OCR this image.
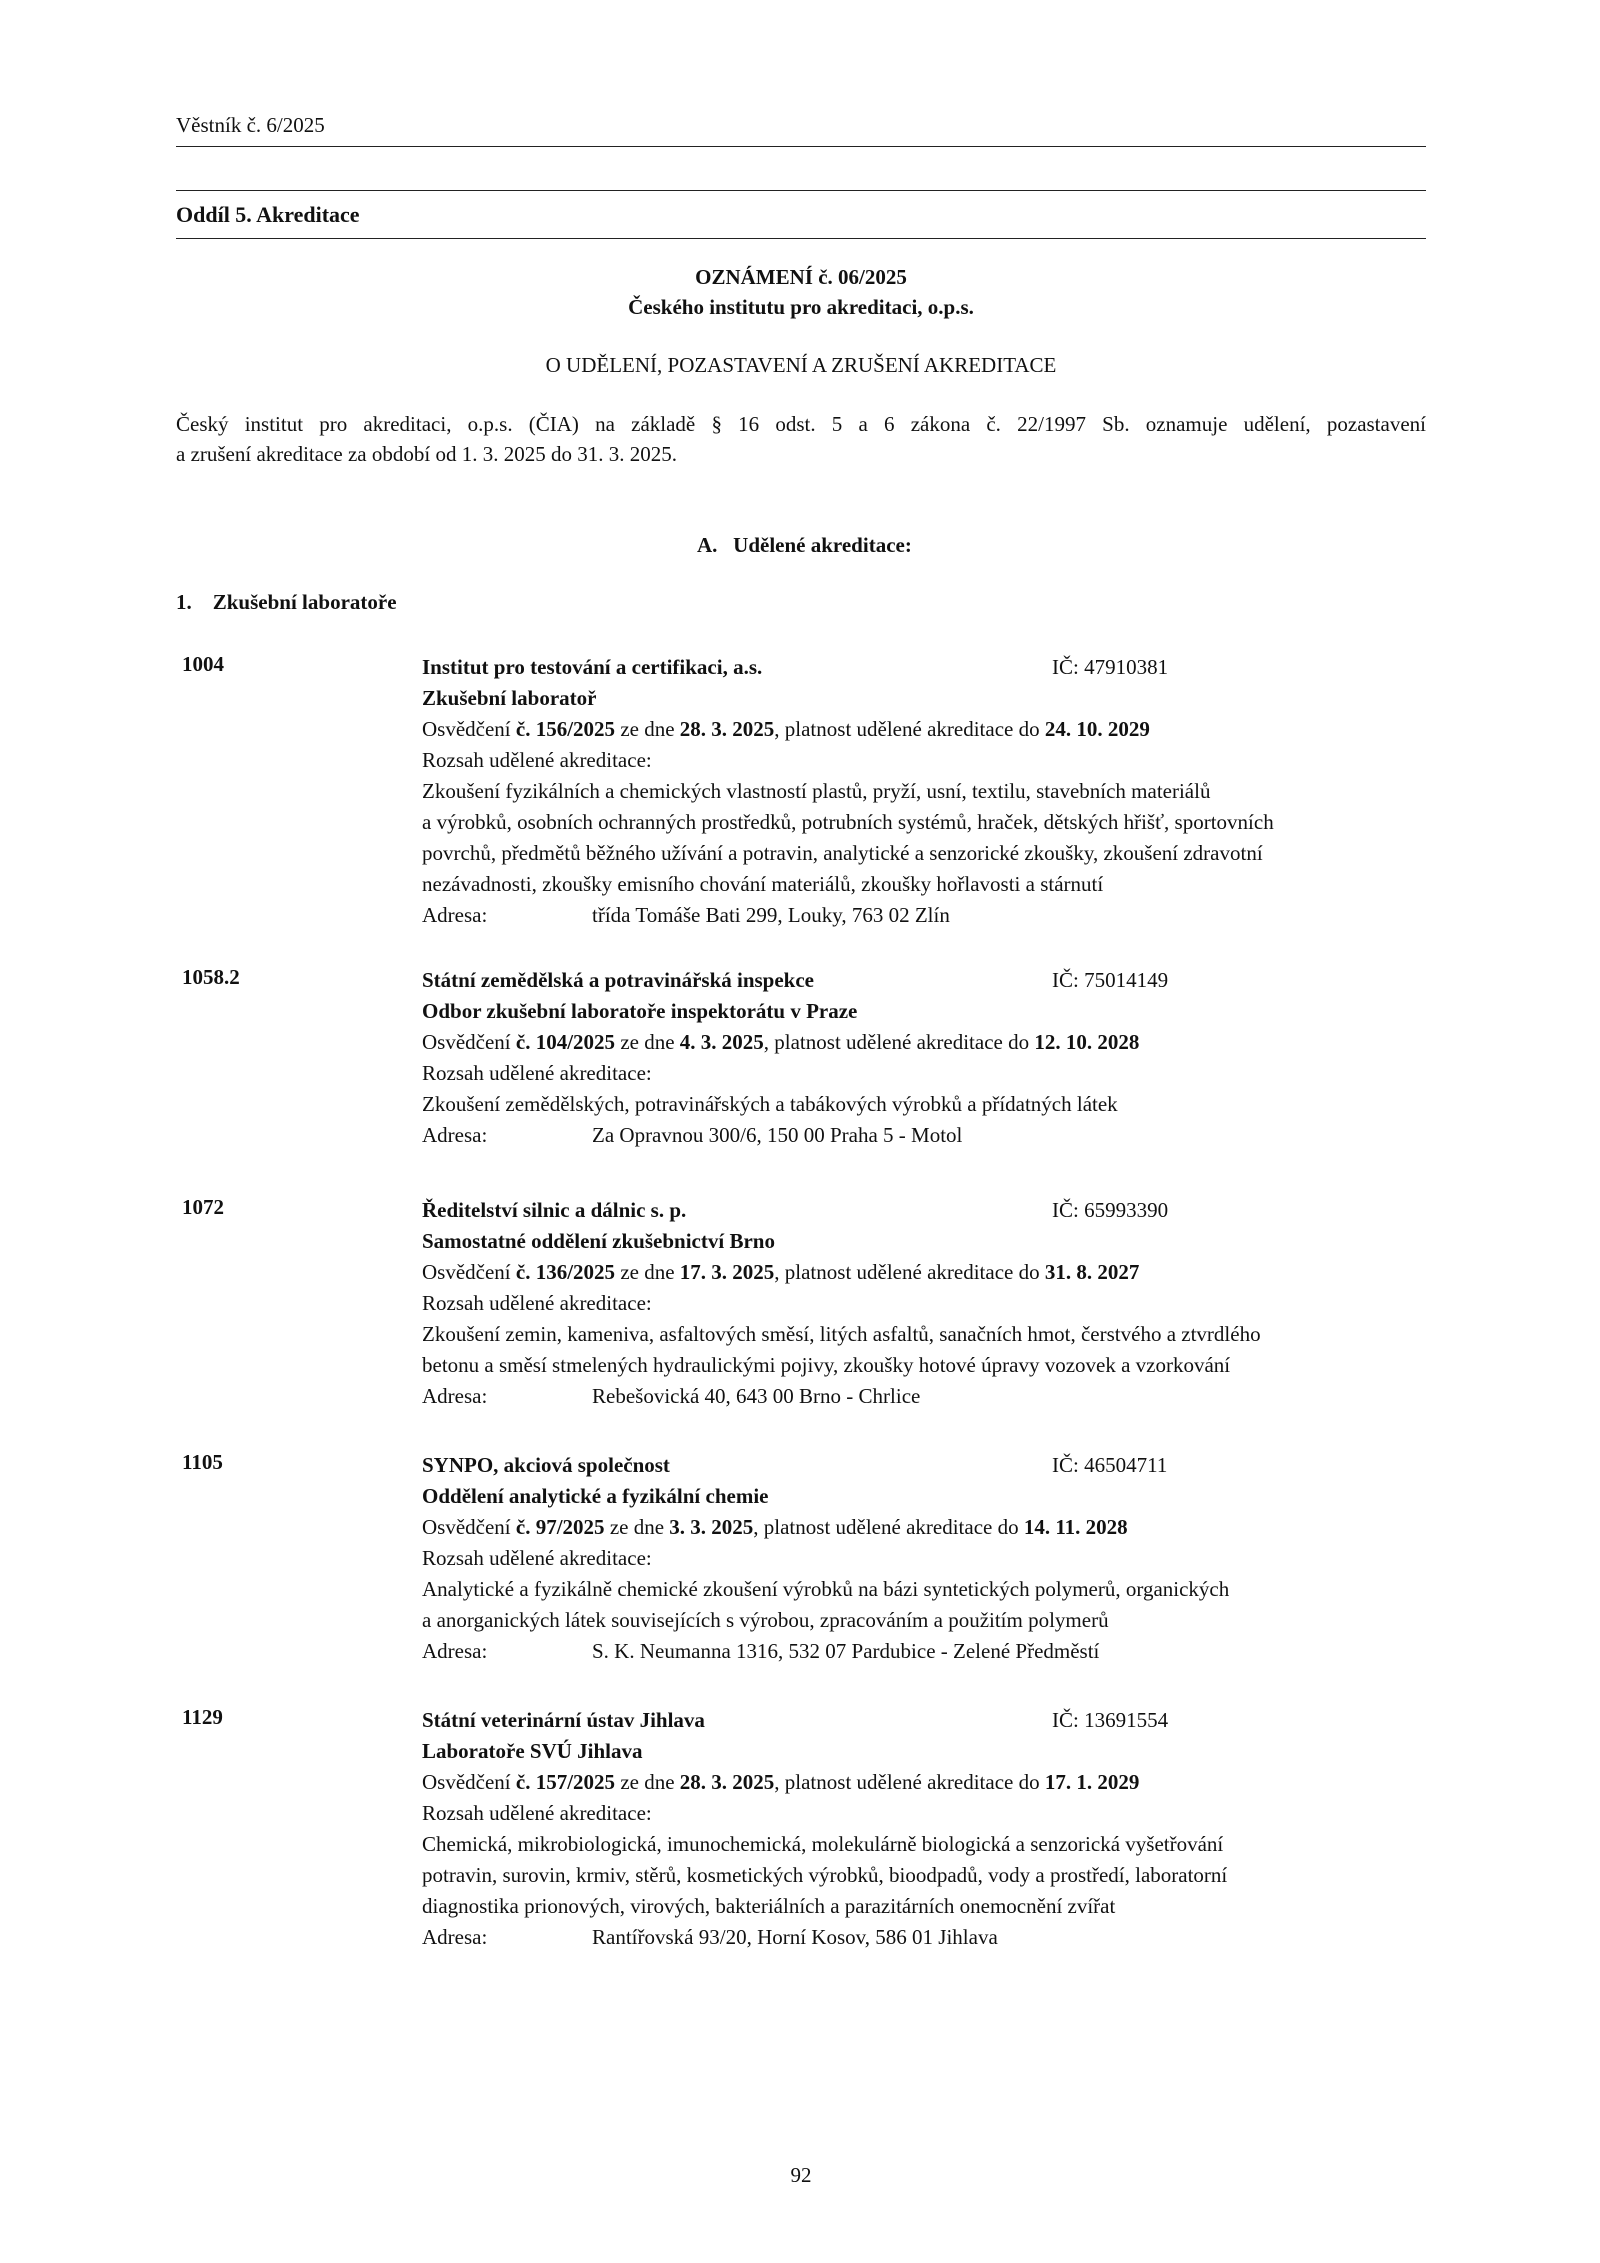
Věstník č. 6/2025
Oddíl 5. Akreditace
OZNÁMENÍ č. 06/2025
Českého institutu pro akreditaci, o.p.s.
O UDĚLENÍ, POZASTAVENÍ A ZRUŠENÍ AKREDITACE
Český institut pro akreditaci, o.p.s. (ČIA) na základě § 16 odst. 5 a 6 zákona č. 22/1997 Sb. oznamuje udělení, pozastavení
a zrušení akreditace za období od 1. 3. 2025 do 31. 3. 2025.
A. Udělené akreditace:
1. Zkušební laboratoře
1004	Institut pro testování a certifikaci, a.s.	IČ: 47910381
Zkušební laboratoř
Osvědčení č. 156/2025 ze dne 28. 3. 2025, platnost udělené akreditace do 24. 10. 2029
Rozsah udělené akreditace:
Zkoušení fyzikálních a chemických vlastností plastů, pryží, usní, textilu, stavebních materiálů
a výrobků, osobních ochranných prostředků, potrubních systémů, hraček, dětských hřišť, sportovních
povrchů, předmětů běžného užívání a potravin, analytické a senzorické zkoušky, zkoušení zdravotní
nezávadnosti, zkoušky emisního chování materiálů, zkoušky hořlavosti a stárnutí
Adresa:	třída Tomáše Bati 299, Louky, 763 02 Zlín
1058.2	Státní zemědělská a potravinářská inspekce	IČ: 75014149
Odbor zkušební laboratoře inspektorátu v Praze
Osvědčení č. 104/2025 ze dne 4. 3. 2025, platnost udělené akreditace do 12. 10. 2028
Rozsah udělené akreditace:
Zkoušení zemědělských, potravinářských a tabákových výrobků a přídatných látek
Adresa:	Za Opravnou 300/6, 150 00 Praha 5 - Motol
1072	Ředitelství silnic a dálnic s. p.	IČ: 65993390
Samostatné oddělení zkušebnictví Brno
Osvědčení č. 136/2025 ze dne 17. 3. 2025, platnost udělené akreditace do 31. 8. 2027
Rozsah udělené akreditace:
Zkoušení zemin, kameniva, asfaltových směsí, litých asfaltů, sanačních hmot, čerstvého a ztvrdlého
betonu a směsí stmelených hydraulickými pojivy, zkoušky hotové úpravy vozovek a vzorkování
Adresa:	Rebešovická 40, 643 00 Brno - Chrlice
1105	SYNPO, akciová společnost	IČ: 46504711
Oddělení analytické a fyzikální chemie
Osvědčení č. 97/2025 ze dne 3. 3. 2025, platnost udělené akreditace do 14. 11. 2028
Rozsah udělené akreditace:
Analytické a fyzikálně chemické zkoušení výrobků na bázi syntetických polymerů, organických
a anorganických látek souvisejících s výrobou, zpracováním a použitím polymerů
Adresa:	S. K. Neumanna 1316, 532 07 Pardubice - Zelené Předměstí
1129	Státní veterinární ústav Jihlava	IČ: 13691554
Laboratoře SVÚ Jihlava
Osvědčení č. 157/2025 ze dne 28. 3. 2025, platnost udělené akreditace do 17. 1. 2029
Rozsah udělené akreditace:
Chemická, mikrobiologická, imunochemická, molekulárně biologická a senzorická vyšetřování
potravin, surovin, krmiv, stěrů, kosmetických výrobků, bioodpadů, vody a prostředí, laboratorní
diagnostika prionových, virových, bakteriálních a parazitárních onemocnění zvířat
Adresa:	Rantířovská 93/20, Horní Kosov, 586 01 Jihlava
92
